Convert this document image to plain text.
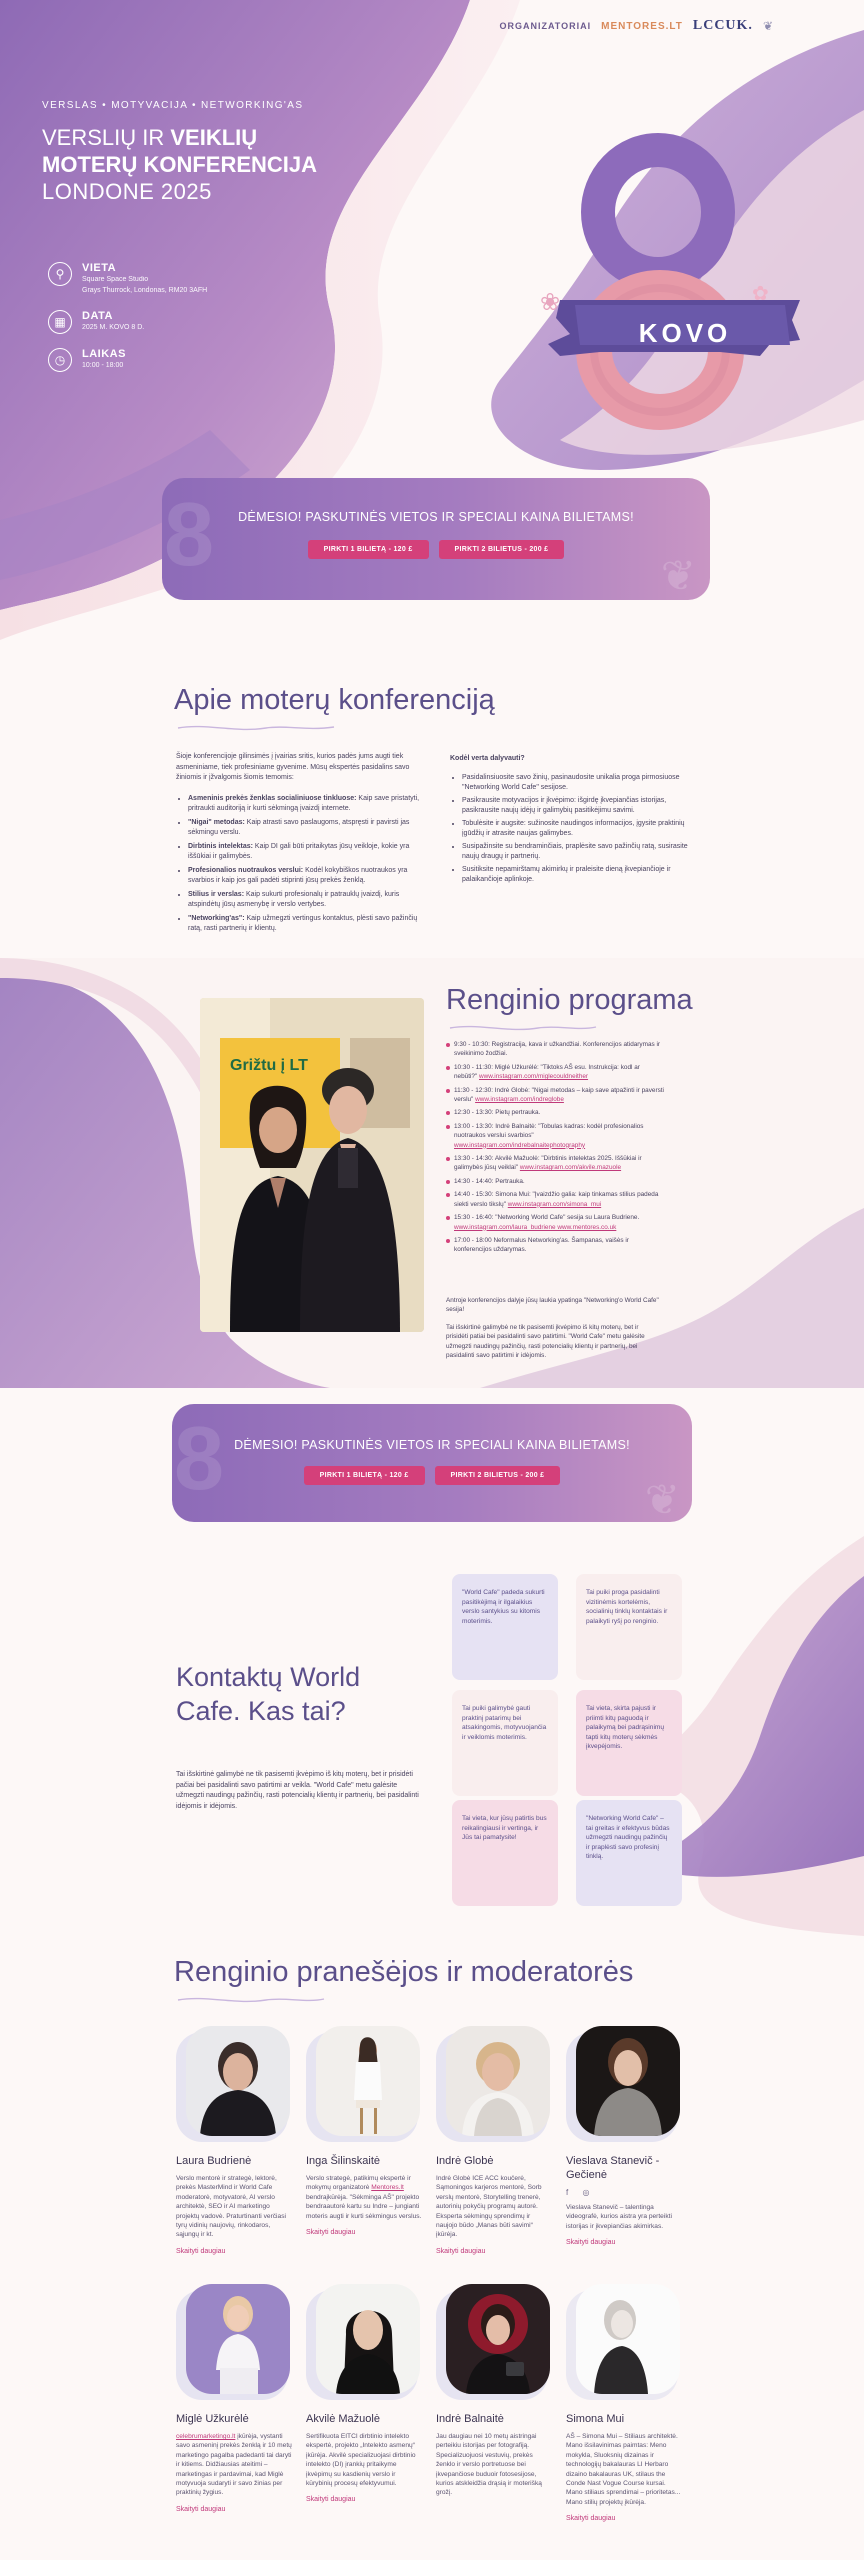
❀	✿
ORGANIZATORIAI MENTORES.LT LCCUK. ❦
VERSLAS • MOTYVACIJA • NETWORKING'AS
VERSLIŲ IR VEIKLIŲ
MOTERŲ KONFERENCIJA
LONDONE 2025
⚲	VIETA
Square Space Studio
Grays Thurrock, Londonas, RM20 3AFH
▦	DATA
2025 M. KOVO 8 D.
◷	LAIKAS
10:00 - 18:00
KOVO
8	❦
DĖMESIO! PASKUTINĖS VIETOS IR SPECIALI KAINA BILIETAMS!
PIRKTI 1 BILIETĄ - 120 £	PIRKTI 2 BILIETUS - 200 £
Apie moterų konferenciją

Šioje konferencijoje gilinsimės į įvairias sritis, kurios padės jums augti tiek asmeniniame, tiek profesiniame gyvenime. Mūsų ekspertės pasidalins savo žiniomis ir įžvalgomis šiomis temomis:

• Asmeninis prekės ženklas socialiniuose tinkluose: Kaip save pristatyti, pritraukti auditoriją ir kurti sėkmingą įvaizdį internete.
• "Nigai" metodas: Kaip atrasti savo paslaugoms, atspręsti ir pavirsti jas sėkmingu verslu.
• Dirbtinis intelektas: Kaip DI gali būti pritaikytas jūsų veikloje, kokie yra iššūkiai ir galimybės.
• Profesionalios nuotraukos verslui: Kodėl kokybiškos nuotraukos yra svarbios ir kaip jos gali padėti stiprinti jūsų prekės ženklą.
• Stilius ir verslas: Kaip sukurti profesionalų ir patrauklų įvaizdį, kuris atspindėtų jūsų asmenybę ir verslo vertybes.
• "Networking'as": Kaip užmegzti vertingus kontaktus, plėsti savo pažinčių ratą, rasti partnerių ir klientų.
Kodėl verta dalyvauti?
• Pasidalinsiuosite savo žinių, pasinaudosite unikalia proga pirmosiuose "Networking World Cafe" sesijose.
• Pasikrausite motyvacijos ir įkvėpimo: išgirdę įkvepiančias istorijas, pasikrausite naujų idėjų ir galimybių pasitikėjimu savimi.
• Tobulėsite ir augsite: sužinosite naudingos informacijos, įgysite praktinių įgūdžių ir atrasite naujas galimybes.
• Susipažinsite su bendraminčiais, praplėsite savo pažinčių ratą, susirasite naujų draugų ir partnerių.
• Susitiksite nepamirštamų akimirkų ir praleisite dieną įkvepiančioje ir palaikančioje aplinkoje.
Grižtu į LT
Renginio programa
9:30 - 10:30: Registracija, kava ir užkandžiai. Konferencijos atidarymas ir sveikinimo žodžiai.
10:30 - 11:30: Miglė Užkurėlė: "Tiktoks AŠ esu. Instrukcija: kodl ar nebūti?" www.instagram.com/miglecouldneither
11:30 - 12:30: Indrė Globė: "Nigai metodas – kaip save atpažinti ir paversti verslu" www.instagram.com/indreglobe
12:30 - 13:30: Pietų pertrauka.
13:00 - 13:30: Indrė Balnaitė: "Tobulas kadras: kodėl profesionalios nuotraukos verslui svarbios" www.instagram.com/indrebalnaitephotography
13:30 - 14:30: Akvilė Mažuolė: "Dirbtinis intelektas 2025. Iššūkiai ir galimybės jūsų veiklai" www.instagram.com/akvile.mazuole
14:30 - 14:40: Pertrauka.
14:40 - 15:30: Simona Mui: "Įvaizdžio galia: kaip tinkamas stilius padeda siekti verslo tikslų" www.instagram.com/simona_mui
15:30 - 16:40: "Networking World Cafe" sesija su Laura Budriene. www.instagram.com/laura_budriene www.mentores.co.uk
17:00 - 18:00 Neformalus Networking'as. Šampanas, vaišės ir konferencijos uždarymas.

Antroje konferencijos dalyje jūsų laukia ypatinga "Networking'o World Cafe" sesija!

Tai išskirtinė galimybė ne tik pasisemti įkvėpimo iš kitų moterų, bet ir prisidėti patiai bei pasidalinti savo patirtimi. "World Cafe" metu galėsite užmegzti naudingų pažinčių, rasti potencialių klientų ir partnerių, bei pasidalinti savo patirtimi ir idėjomis.

8	❦
DĖMESIO! PASKUTINĖS VIETOS IR SPECIALI KAINA BILIETAMS!
PIRKTI 1 BILIETĄ - 120 £	PIRKTI 2 BILIETUS - 200 £
Kontaktų World Cafe. Kas tai?
Tai išskirtinė galimybė ne tik pasisemti įkvėpimo iš kitų moterų, bet ir prisidėti pačiai bei pasidalinti savo patirtimi ar veikla. "World Cafe" metu galėsite užmegzti naudingų pažinčių, rasti potencialių klientų ir partnerių, bei pasidalinti idėjomis ir idėjomis.
"World Cafe" padeda sukurti pasitikėjimą ir ilgalaikius verslo santykius su kitomis moterimis.
Tai puiki proga pasidalinti vizitinėmis kortelėmis, socialinių tinklų kontaktais ir palaikyti ryšį po renginio.
Tai puiki galimybė gauti praktinį patarimų bei atsakingomis, motyvuojančia ir veiklomis moterimis.
Tai vieta, skirta pajusti ir priimti kitų paguodą ir palaikymą bei padrąsinimų tapti kitų moterų sėkmės įkvepėjomis.
Tai vieta, kur jūsų patirtis bus reikalingiausi ir vertinga, ir Jūs tai pamatysite!
"Networking World Cafe" – tai greitas ir efektyvus būdas užmegzti naudingų pažinčių ir praplėsti savo profesinį tinklą.
Renginio pranešėjos ir moderatorės
Laura Budrienė
Verslo mentorė ir strategė, lektorė, prekės MasterMind ir World Cafe moderatorė, motyvatorė, AI verslo architektė, SEO ir AI marketingo projektų vadovė. Praturtinanti verčiasi tyrų vidinių naujovių, rinkodaros, sąjungų ir kt.
Skaityti daugiau
Inga Šilinskaitė
Verslo strategė, patikimų ekspertė ir mokymų organizatorė Mentores.lt bendraįkūrėja. "Sėkminga AŠ" projekto bendraautorė kartu su Indre – jungianti moteris augti ir kurti sėkmingus verslus.
Skaityti daugiau
Indrė Globė
Indrė Globė ICE ACC koučerė, Sąmoningos karjeros mentorė, Sorb verslų mentorė, Storytelling trenerė, autorinių pokyčių programų autorė. Eksperta sėkmingų sprendimų ir naujojo būdo „Manas būti savimi“ įkūrėja.
Skaityti daugiau
Vieslava Stanevič - Gečienė
f ◎
Vieslava Stanevič – talentinga videografė, kurios aistra yra perteikti istorijas ir įkvepiančias akimirkas.
Skaityti daugiau
Miglė Užkurėlė
celebrumarketingo.lt įkūrėja, vystanti savo asmeninį prekės ženklą ir 10 metų marketingo pagalba padedanti tai daryti ir kitiems. Didžiausias ateitimi – marketingas ir pardavimai, kad Miglė motyvuoja sudaryti ir savo žinias per praktinių žygius.
Skaityti daugiau
Akvilė Mažuolė
Sertifikuota EITCI dirbtinio intelekto ekspertė, projekto „Intelekto asmenų“ įkūrėja. Akvilė specializuojasi dirbtinio intelekto (DI) įrankių pritaikyme įkvėpimų su kasdienių verslo ir kūrybinių procesų efektyvumui.
Skaityti daugiau
Indrė Balnaitė
Jau daugiau nei 10 metų aistringai perteikiu istorijas per fotografiją. Specializuojuosi vestuvių, prekės ženklo ir verslo portretuose bei įkvepančiose buduoir fotosesijose, kurios atskleidžia drąsią ir moterišką grožį.
Simona Mui
AŠ – Simona Mui – Stiliaus architektė. Mano išsilavinimas paimtas: Meno mokykla, Sluoksnių dizainas ir technologijų bakalauras LI Herbaro dizaino bakalauras UK, stilaus the Conde Nast Vogue Course kursai. Mano stiliaus sprendimai – prioritetas...
Mano stilių projektų įkūrėja.
Skaityti daugiau
